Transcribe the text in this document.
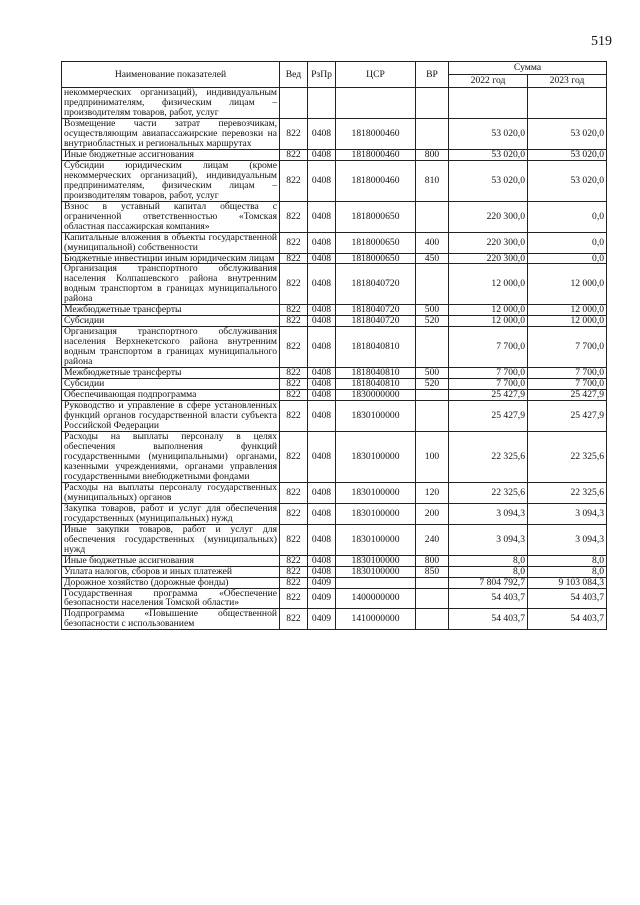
519
Наименование показателей	Вед	РзПр	ЦСР	ВР	Сумма	
					2022 год	2023 год
некоммерческих организаций), индивидуальным предпринимателям, физическим лицам – производителям товаров, работ, услуг						
Возмещение части затрат перевозчикам, осуществляющим авиапассажирские перевозки на внутриобластных и региональных маршрутах	822	0408	1818000460		53 020,0	53 020,0
Иные бюджетные ассигнования	822	0408	1818000460	800	53 020,0	53 020,0
Субсидии юридическим лицам (кроме некоммерческих организаций), индивидуальным предпринимателям, физическим лицам – производителям товаров, работ, услуг	822	0408	1818000460	810	53 020,0	53 020,0
Взнос в уставный капитал общества с ограниченной ответственностью «Томская областная пассажирская компания»	822	0408	1818000650		220 300,0	0,0
Капитальные вложения в объекты государственной (муниципальной) собственности	822	0408	1818000650	400	220 300,0	0,0
Бюджетные инвестиции иным юридическим лицам	822	0408	1818000650	450	220 300,0	0,0
Организация транспортного обслуживания населения Колпашевского района внутренним водным транспортом в границах муниципального района	822	0408	1818040720		12 000,0	12 000,0
Межбюджетные трансферты	822	0408	1818040720	500	12 000,0	12 000,0
Субсидии	822	0408	1818040720	520	12 000,0	12 000,0
Организация транспортного обслуживания населения Верхнекетского района внутренним водным транспортом в границах муниципального района	822	0408	1818040810		7 700,0	7 700,0
Межбюджетные трансферты	822	0408	1818040810	500	7 700,0	7 700,0
Субсидии	822	0408	1818040810	520	7 700,0	7 700,0
Обеспечивающая подпрограмма	822	0408	1830000000		25 427,9	25 427,9
Руководство и управление в сфере установленных функций органов государственной власти субъекта Российской Федерации	822	0408	1830100000		25 427,9	25 427,9
Расходы на выплаты персоналу в целях обеспечения выполнения функций государственными (муниципальными) органами, казенными учреждениями, органами управления государственными внебюджетными фондами	822	0408	1830100000	100	22 325,6	22 325,6
Расходы на выплаты персоналу государственных (муниципальных) органов	822	0408	1830100000	120	22 325,6	22 325,6
Закупка товаров, работ и услуг для обеспечения государственных (муниципальных) нужд	822	0408	1830100000	200	3 094,3	3 094,3
Иные закупки товаров, работ и услуг для обеспечения государственных (муниципальных) нужд	822	0408	1830100000	240	3 094,3	3 094,3
Иные бюджетные ассигнования	822	0408	1830100000	800	8,0	8,0
Уплата налогов, сборов и иных платежей	822	0408	1830100000	850	8,0	8,0
Дорожное хозяйство (дорожные фонды)	822	0409			7 804 792,7	9 103 084,3
Государственная программа «Обеспечение безопасности населения Томской области»	822	0409	1400000000		54 403,7	54 403,7
Подпрограмма «Повышение общественной безопасности с использованием	822	0409	1410000000		54 403,7	54 403,7
